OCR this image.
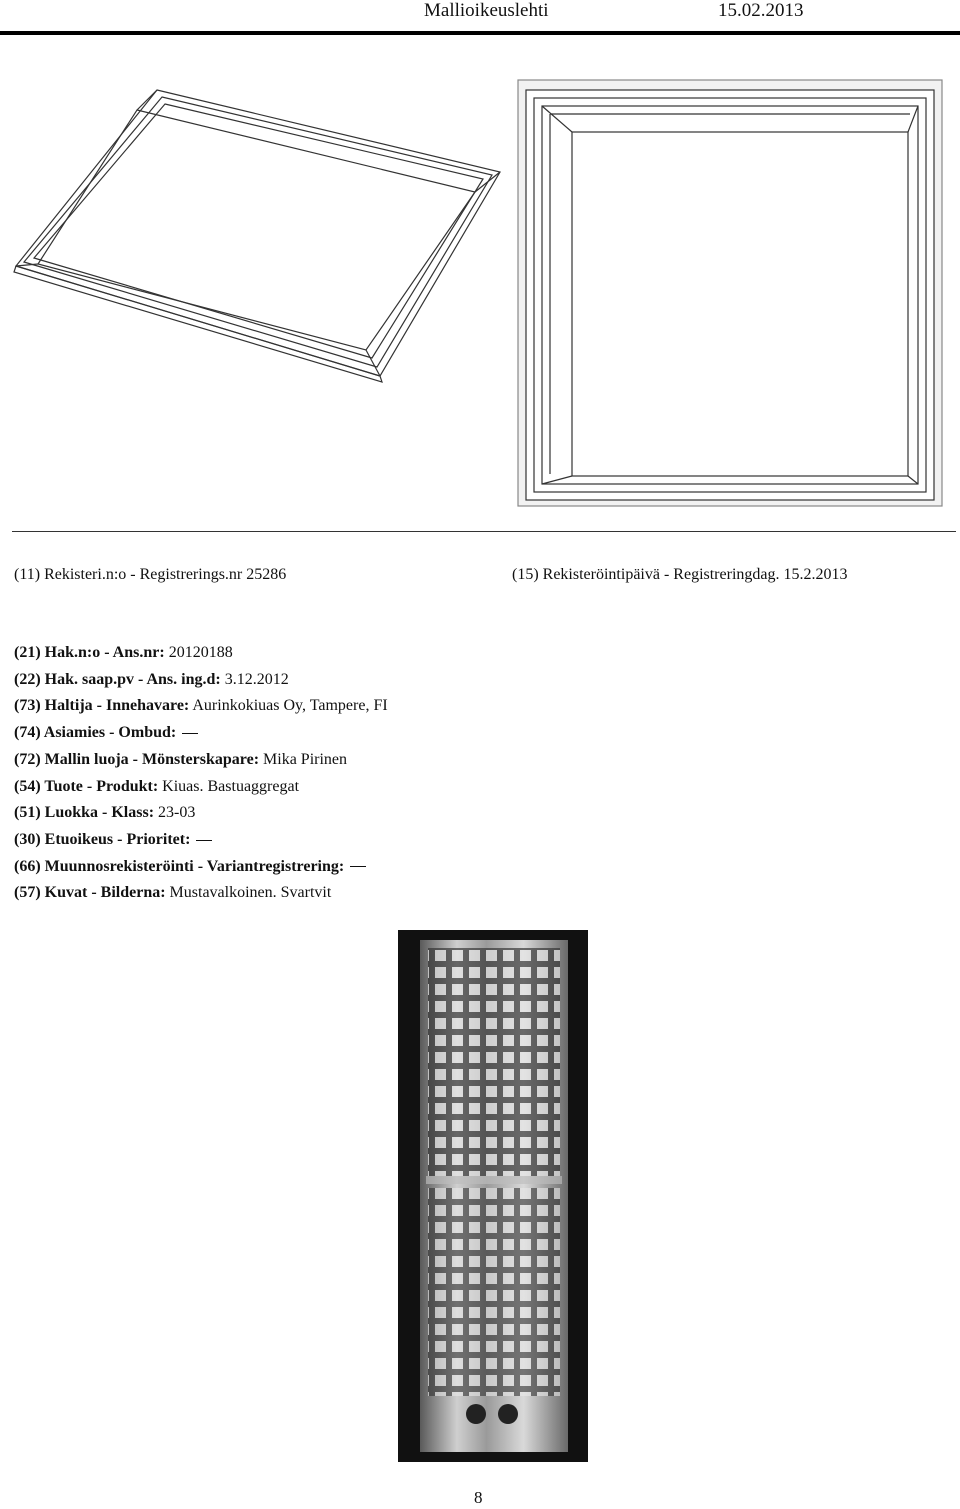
Mallioikeuslehti	15.02.2013
(11) Rekisteri.n:o - Registrerings.nr 25286	(15) Rekisteröintipäivä - Registreringdag. 15.2.2013
(21) Hak.n:o - Ans.nr: 20120188
(22) Hak. saap.pv - Ans. ing.d: 3.12.2012
(73) Haltija - Innehavare: Aurinkokiuas Oy, Tampere, FI
(74) Asiamies - Ombud:
(72) Mallin luoja - Mönsterskapare: Mika Pirinen
(54) Tuote - Produkt: Kiuas. Bastuaggregat
(51) Luokka - Klass: 23-03
(30) Etuoikeus - Prioritet:
(66) Muunnosrekisteröinti - Variantregistrering:
(57) Kuvat - Bilderna: Mustavalkoinen. Svartvit
8
